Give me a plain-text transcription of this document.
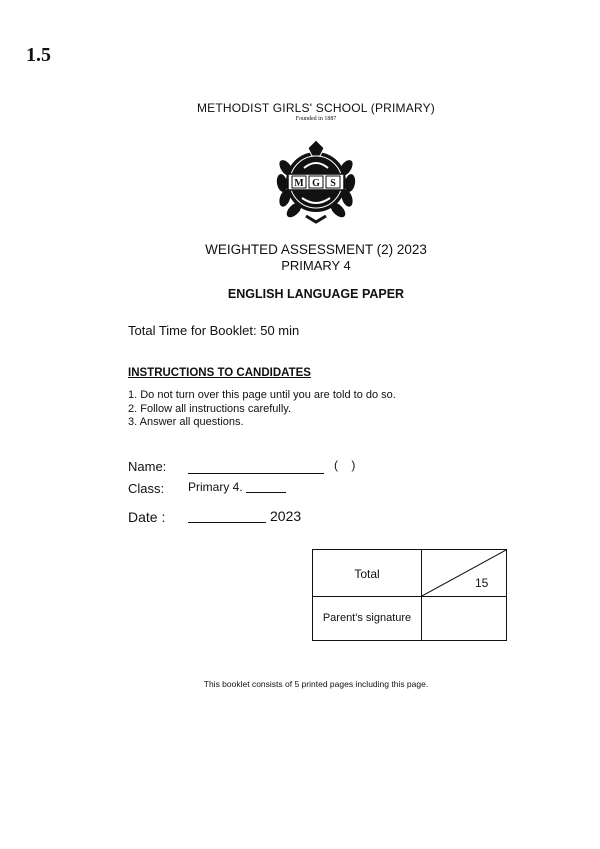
1.5
METHODIST GIRLS' SCHOOL (PRIMARY)
Founded in 1887
M G S
WEIGHTED ASSESSMENT (2) 2023
PRIMARY 4
ENGLISH LANGUAGE PAPER
Total Time for Booklet: 50 min
INSTRUCTIONS TO CANDIDATES
1. Do not turn over this page until you are told to do so.
2. Follow all instructions carefully.
3. Answer all questions.
Name:	( )
Class: Primary 4.
Date :	2023
Total
15
Parent's signature
This booklet consists of 5 printed pages including this page.
